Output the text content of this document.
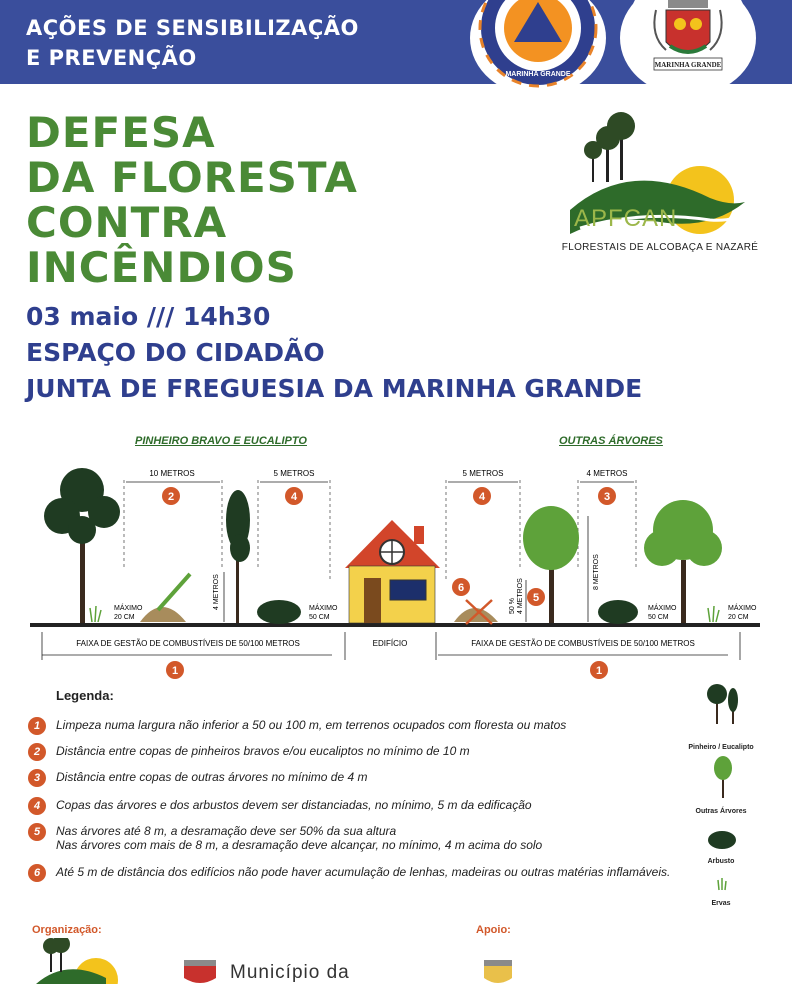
AÇÕES DE SENSIBILIZAÇÃO
E PREVENÇÃO
MARINHA GRANDE
MARINHA GRANDE
DEFESA
DA FLORESTA
CONTRA
INCÊNDIOS
03 maio /// 14h30
ESPAÇO DO CIDADÃO
JUNTA DE FREGUESIA DA MARINHA GRANDE
APFCAN
FLORESTAIS DE ALCOBAÇA E NAZARÉ
PINHEIRO BRAVO E EUCALIPTO	OUTRAS ÁRVORES
10 METROS	5 METROS	5 METROS	4 METROS
2	4	4	3
6
5
1	1
4 METROS
MÁXIMO
20 CM
MÁXIMO
50 CM
50 % 4 METROS
8 METROS
MÁXIMO
50 CM
MÁXIMO
20 CM
FAIXA DE GESTÃO DE COMBUSTÍVEIS DE 50/100 METROS	EDIFÍCIO	FAIXA DE GESTÃO DE COMBUSTÍVEIS DE 50/100 METROS
Legenda:
1	Limpeza numa largura não inferior a 50 ou 100 m, em terrenos ocupados com floresta ou matos
2	Distância entre copas de pinheiros bravos e/ou eucaliptos no mínimo de 10 m
3	Distância entre copas de outras árvores no mínimo de 4 m
4	Copas das árvores e dos arbustos devem ser distanciadas, no mínimo, 5 m da edificação
5	Nas árvores até 8 m, a desramação deve ser 50% da sua altura
Nas árvores com mais de 8 m, a desramação deve alcançar, no mínimo, 4 m acima do solo
6	Até 5 m de distância dos edifícios não pode haver acumulação de lenhas, madeiras ou outras matérias inflamáveis.
Pinheiro / Eucalipto
Outras Árvores
Arbusto
Ervas
Organização:	Apoio:
Município da
